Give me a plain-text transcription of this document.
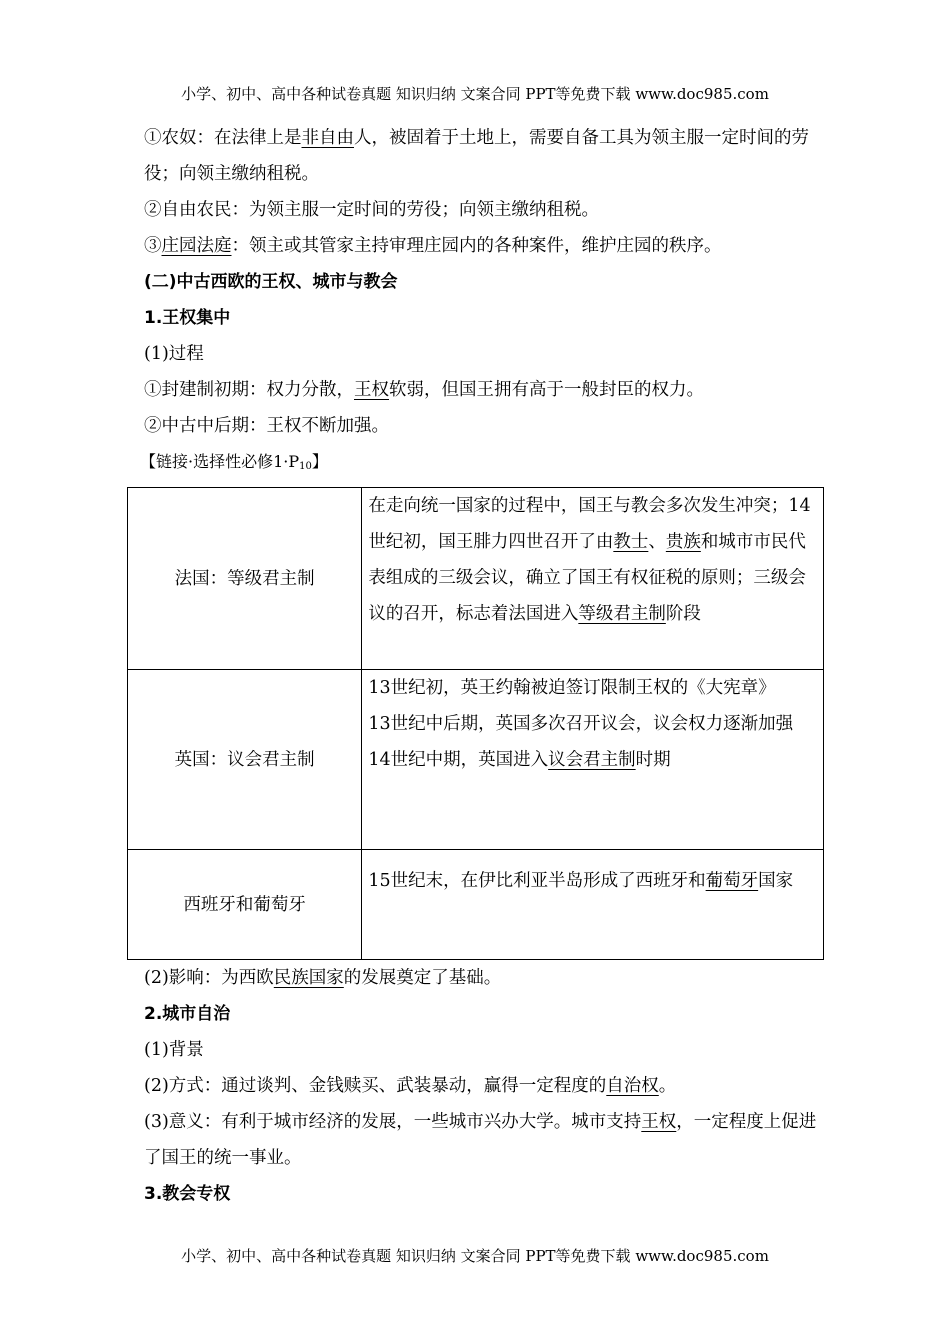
小学、初中、高中各种试卷真题 知识归纳 文案合同 PPT等免费下载 www.doc985.com

①农奴：在法律上是非自由人，被固着于土地上，需要自备工具为领主服一定时间的劳役；向领主缴纳租税。

②自由农民：为领主服一定时间的劳役；向领主缴纳租税。

③庄园法庭：领主或其管家主持审理庄园内的各种案件，维护庄园的秩序。

(二)中古西欧的王权、城市与教会

1.王权集中

(1)过程

①封建制初期：权力分散，王权软弱，但国王拥有高于一般封臣的权力。

②中古中后期：王权不断加强。

【链接·选择性必修$1\cdot P_{10}$】

法国：等级君主制	在走向统一国家的过程中，国王与教会多次发生冲突；14世纪初，国王腓力四世召开了由教士、贵族和城市市民代表组成的三级会议，确立了国王有权征税的原则；三级会议的召开，标志着法国进入等级君主制阶段
英国：议会君主制	13世纪初，英王约翰被迫签订限制王权的《大宪章》
13世纪中后期，英国多次召开议会，议会权力逐渐加强
14世纪中期，英国进入议会君主制时期

西班牙和葡萄牙	15世纪末，在伊比利亚半岛形成了西班牙和葡萄牙国家

(2)影响：为西欧民族国家的发展奠定了基础。

2.城市自治

(1)背景

(2)方式：通过谈判、金钱赎买、武装暴动，赢得一定程度的自治权。

(3)意义：有利于城市经济的发展，一些城市兴办大学。城市支持王权，一定程度上促进了国王的统一事业。

3.教会专权

小学、初中、高中各种试卷真题 知识归纳 文案合同 PPT等免费下载 www.doc985.com
